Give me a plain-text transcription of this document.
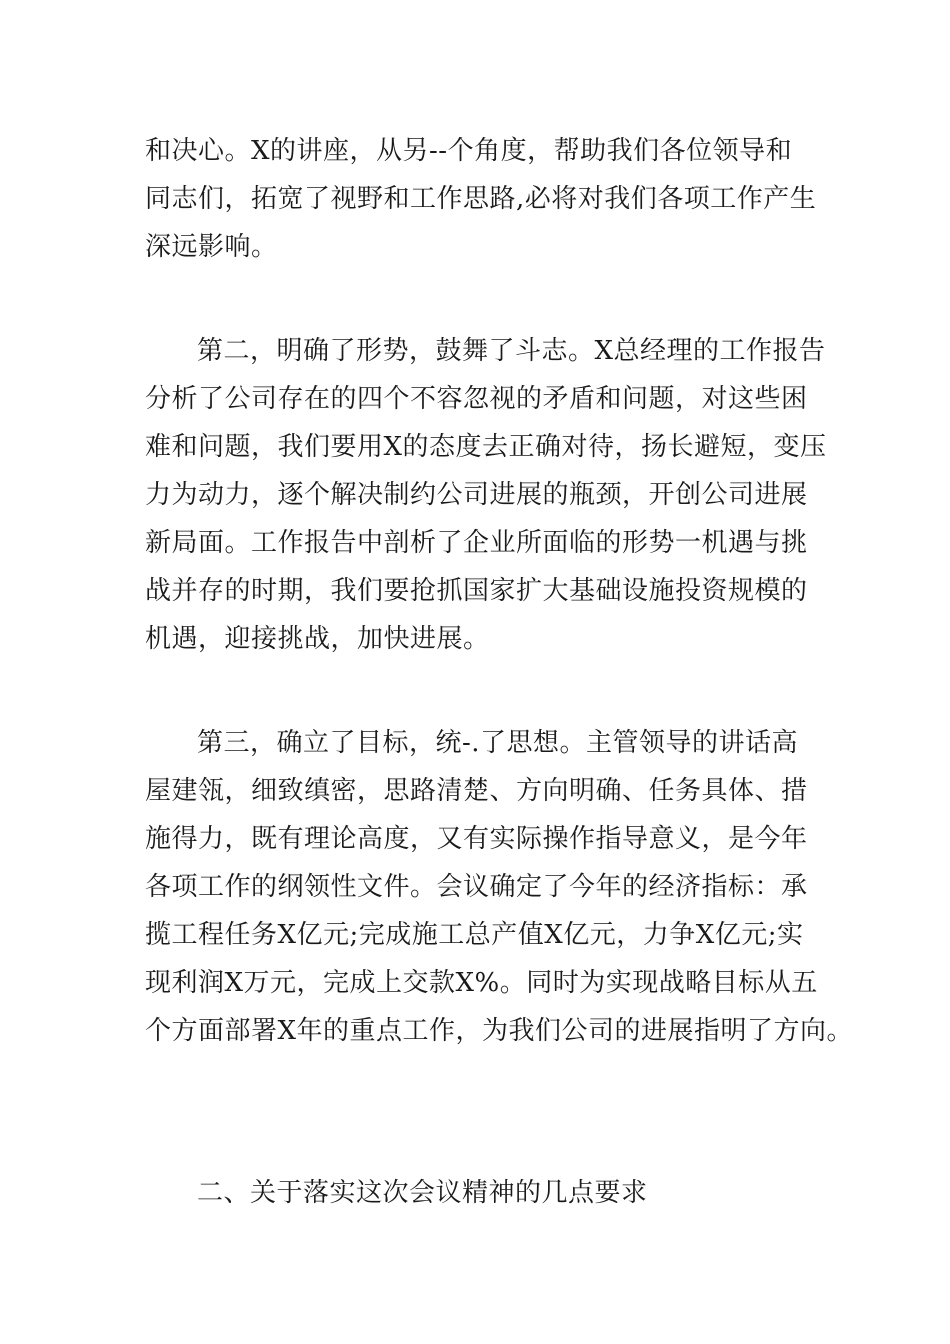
和决心。X的讲座，从另--个角度，帮助我们各位领导和
同志们，拓宽了视野和工作思路,必将对我们各项工作产生
深远影响。
第二，明确了形势，鼓舞了斗志。X总经理的工作报告
分析了公司存在的四个不容忽视的矛盾和问题，对这些困
难和问题，我们要用X的态度去正确对待，扬长避短，变压
力为动力，逐个解决制约公司进展的瓶颈，开创公司进展
新局面。工作报告中剖析了企业所面临的形势一机遇与挑
战并存的时期，我们要抢抓国家扩大基础设施投资规模的
机遇，迎接挑战，加快进展。
第三，确立了目标，统-.了思想。主管领导的讲话高
屋建瓴，细致缜密，思路清楚、方向明确、任务具体、措
施得力，既有理论高度，又有实际操作指导意义，是今年
各项工作的纲领性文件。会议确定了今年的经济指标：承
揽工程任务X亿元;完成施工总产值X亿元，力争X亿元;实
现利润X万元，完成上交款X%。同时为实现战略目标从五
个方面部署X年的重点工作，为我们公司的进展指明了方向。
二、关于落实这次会议精神的几点要求
